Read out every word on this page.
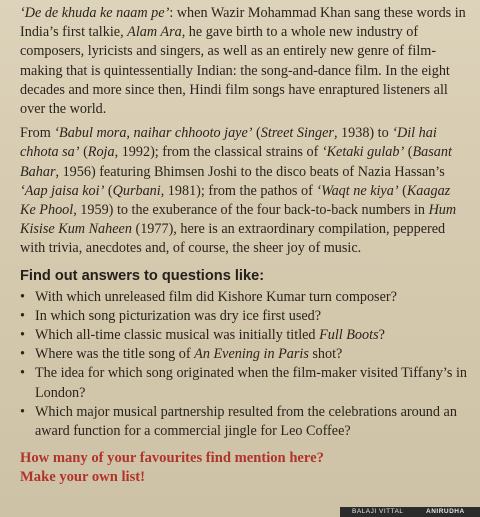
‘De de khuda ke naam pe’: when Wazir Mohammad Khan sang these words in India’s first talkie, Alam Ara, he gave birth to a whole new industry of composers, lyricists and singers, as well as an entirely new genre of film-making that is quintessentially Indian: the song-and-dance film. In the eight decades and more since then, Hindi film songs have enraptured listeners all over the world.

From ‘Babul mora, naihar chhooto jaye’ (Street Singer, 1938) to ‘Dil hai chhota sa’ (Roja, 1992); from the classical strains of ‘Ketaki gulab’ (Basant Bahar, 1956) featuring Bhimsen Joshi to the disco beats of Nazia Hassan’s ‘Aap jaisa koi’ (Qurbani, 1981); from the pathos of ‘Waqt ne kiya’ (Kaagaz Ke Phool, 1959) to the exuberance of the four back-to-back numbers in Hum Kisise Kum Naheen (1977), here is an extraordinary compilation, peppered with trivia, anecdotes and, of course, the sheer joy of music.

Find out answers to questions like:
• With which unreleased film did Kishore Kumar turn composer?
• In which song picturization was dry ice first used?
• Which all-time classic musical was initially titled Full Boots?
• Where was the title song of An Evening in Paris shot?
• The idea for which song originated when the film-maker visited Tiffany’s in London?
• Which major musical partnership resulted from the celebrations around an award function for a commercial jingle for Leo Coffee?
How many of your favourites find mention here?
Make your own list!
BALAJI VITTAL	ANIRUDHA
